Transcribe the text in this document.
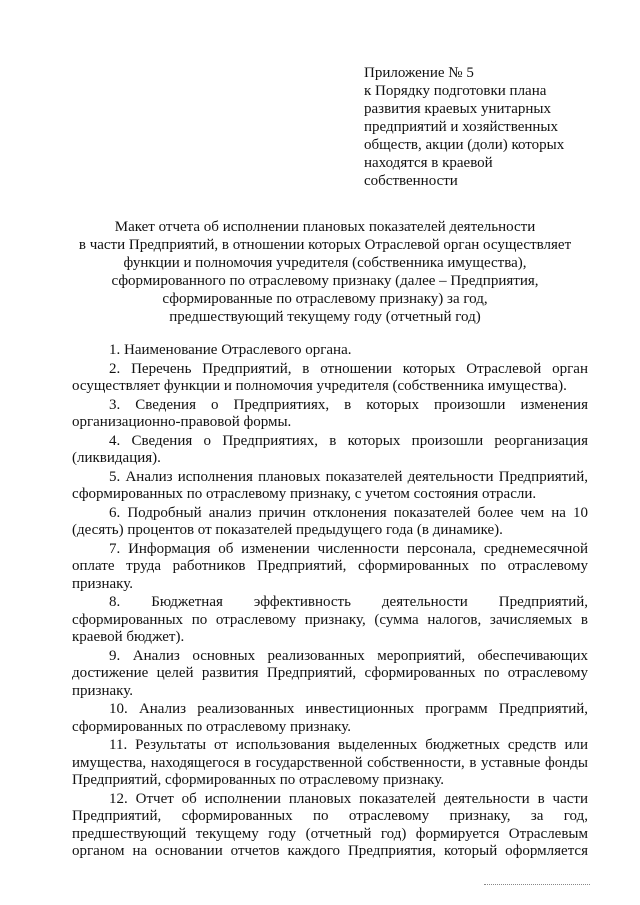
Приложение № 5
к Порядку подготовки плана
развития краевых унитарных
предприятий и хозяйственных
обществ, акции (доли) которых
находятся в краевой
собственности
Макет отчета об исполнении плановых показателей деятельности
в части Предприятий, в отношении которых Отраслевой орган осуществляет
функции и полномочия учредителя (собственника имущества),
сформированного по отраслевому признаку (далее – Предприятия,
сформированные по отраслевому признаку) за год,
предшествующий текущему году (отчетный год)

1. Наименование Отраслевого органа.

2. Перечень Предприятий, в отношении которых Отраслевой орган осуществляет функции и полномочия учредителя (собственника имущества).

3. Сведения о Предприятиях, в которых произошли изменения организационно-правовой формы.

4. Сведения о Предприятиях, в которых произошли реорганизация (ликвидация).

5. Анализ исполнения плановых показателей деятельности Предприятий, сформированных по отраслевому признаку, с учетом состояния отрасли.

6. Подробный анализ причин отклонения показателей более чем на 10 (десять) процентов от показателей предыдущего года (в динамике).

7. Информация об изменении численности персонала, среднемесячной оплате труда работников Предприятий, сформированных по отраслевому признаку.

8. Бюджетная эффективность деятельности Предприятий, сформированных по отраслевому признаку, (сумма налогов, зачисляемых в краевой бюджет).

9. Анализ основных реализованных мероприятий, обеспечивающих достижение целей развития Предприятий, сформированных по отраслевому признаку.

10. Анализ реализованных инвестиционных программ Предприятий, сформированных по отраслевому признаку.

11. Результаты от использования выделенных бюджетных средств или имущества, находящегося в государственной собственности, в уставные фонды Предприятий, сформированных по отраслевому признаку.

12. Отчет об исполнении плановых показателей деятельности в части Предприятий, сформированных по отраслевому признаку, за год, предшествующий текущему году (отчетный год) формируется Отраслевым органом на основании отчетов каждого Предприятия, который оформляется
